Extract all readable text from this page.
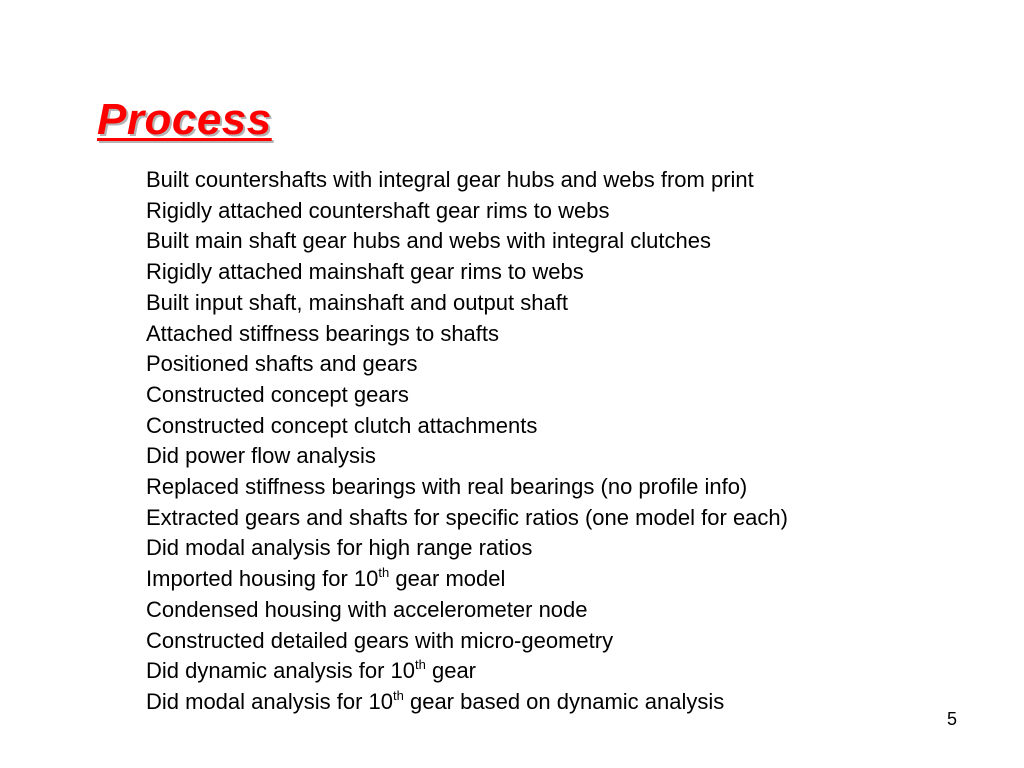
Process
Built countershafts with integral gear hubs and webs from print
Rigidly attached countershaft gear rims to webs
Built main shaft gear hubs and webs with integral clutches
Rigidly attached mainshaft gear rims to webs
Built input shaft, mainshaft and output shaft
Attached stiffness bearings to shafts
Positioned shafts and gears
Constructed concept gears
Constructed concept clutch attachments
Did power flow analysis
Replaced stiffness bearings with real bearings (no profile info)
Extracted gears and shafts for specific ratios (one model for each)
Did modal analysis for high range ratios
Imported housing for 10th gear model
Condensed housing with accelerometer node
Constructed detailed gears with micro-geometry
Did dynamic analysis for 10th gear
Did modal analysis for 10th gear based on dynamic analysis
5
